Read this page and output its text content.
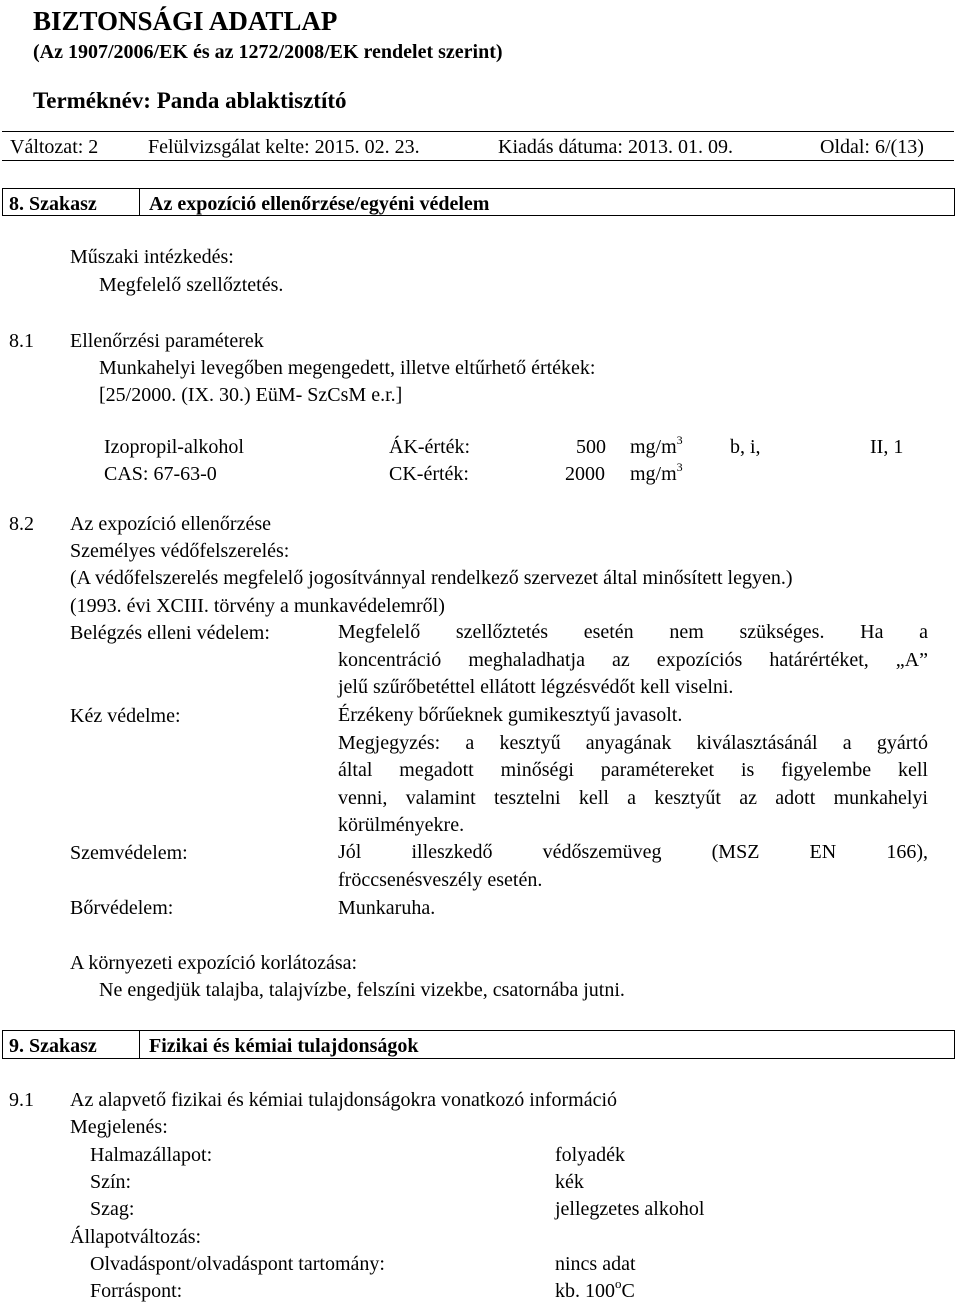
BIZTONSÁGI ADATLAP
(Az 1907/2006/EK és az 1272/2008/EK rendelet szerint)
Terméknév: Panda ablaktisztító
Változat: 2 Felülvizsgálat kelte: 2015. 02. 23.	Kiadás dátuma: 2013. 01. 09.	Oldal: 6/(13)
8. Szakasz	Az expozíció ellenőrzése/egyéni védelem
Műszaki intézkedés:
Megfelelő szellőztetés.
8.1 Ellenőrzési paraméterek
Munkahelyi levegőben megengedett, illetve eltűrhető értékek:
[25/2000. (IX. 30.) EüM- SzCsM e.r.]
Izopropil-alkohol	ÁK-érték:	500 $mg/m^3$ b, i,	II, 1
CAS: 67-63-0	CK-érték:	2000 $mg/m^3$
8.2 Az expozíció ellenőrzése
Személyes védőfelszerelés:
(A védőfelszerelés megfelelő jogosítvánnyal rendelkező szervezet által minősített legyen.)
(1993. évi XCIII. törvény a munkavédelemről)
Belégzés elleni védelem:	Megfelelő szellőztetés esetén nem szükséges. Ha a
koncentráció meghaladhatja az expozíciós határértéket, „A”
jelű szűrőbetéttel ellátott légzésvédőt kell viselni.
Kéz védelme:	Érzékeny bőrűeknek gumikesztyű javasolt.
Megjegyzés: a kesztyű anyagának kiválasztásánál a gyártó
által megadott minőségi paramétereket is figyelembe kell
venni, valamint tesztelni kell a kesztyűt az adott munkahelyi
körülményekre.
Szemvédelem:	Jól illeszkedő védőszemüveg (MSZ EN 166),
fröccsenésveszély esetén.
Bőrvédelem:	Munkaruha.
A környezeti expozíció korlátozása:
Ne engedjük talajba, talajvízbe, felszíni vizekbe, csatornába jutni.
9. Szakasz	Fizikai és kémiai tulajdonságok
9.1 Az alapvető fizikai és kémiai tulajdonságokra vonatkozó információ
Megjelenés:
Halmazállapot:	folyadék
Szín:	kék
Szag:	jellegzetes alkohol
Állapotváltozás:
Olvadáspont/olvadáspont tartomány:	nincs adat
Forráspont:	kb. 100$^o$C
